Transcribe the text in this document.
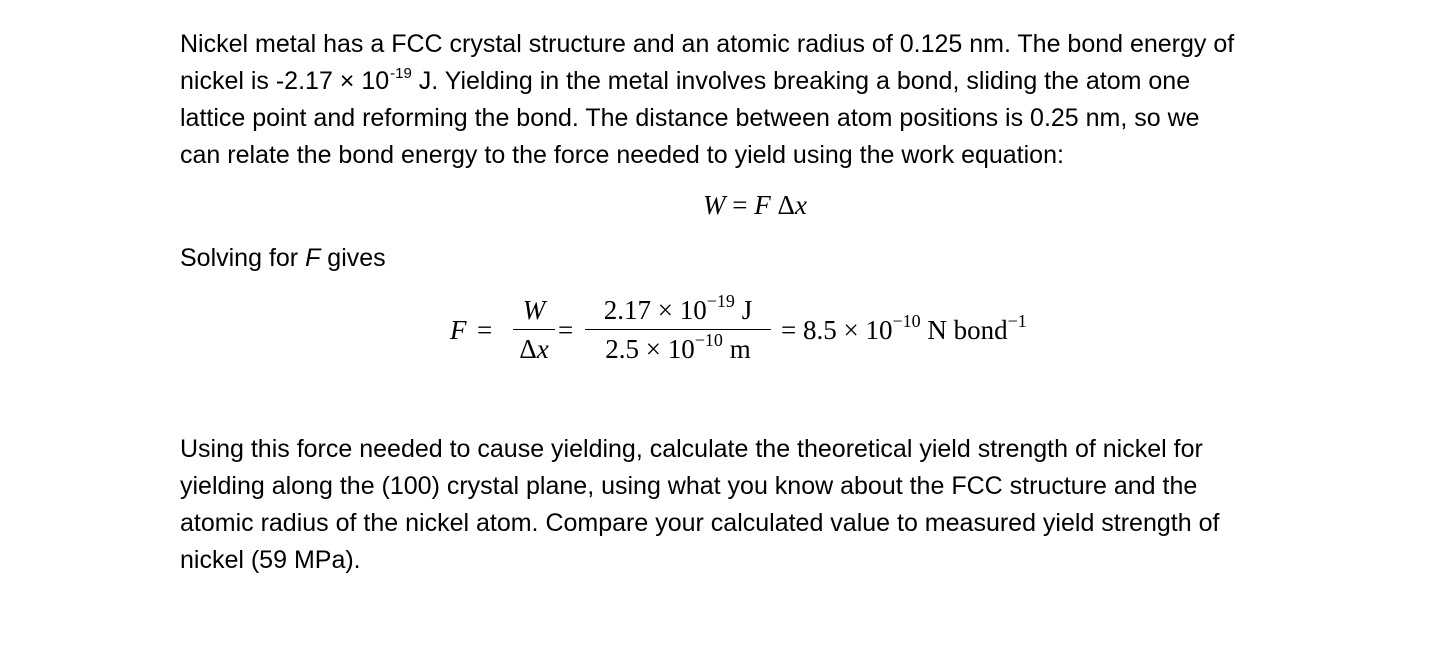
Nickel metal has a FCC crystal structure and an atomic radius of 0.125 nm. The bond energy of
nickel is $-2.17 \times 10^{-19}$ J. Yielding in the metal involves breaking a bond, sliding the atom one
lattice point and reforming the bond. The distance between atom positions is 0.25 nm, so we
can relate the bond energy to the force needed to yield using the work equation:

W = F Δx

Solving for F gives

F =
W
Δx
=
$2.17 \times 10^{-19}$ J
$2.5 \times 10^{-10}$ m
= $8.5 \times 10^{-10}$ N bond$^{-1}$

Using this force needed to cause yielding, calculate the theoretical yield strength of nickel for
yielding along the (100) crystal plane, using what you know about the FCC structure and the
atomic radius of the nickel atom. Compare your calculated value to measured yield strength of
nickel (59 MPa).
